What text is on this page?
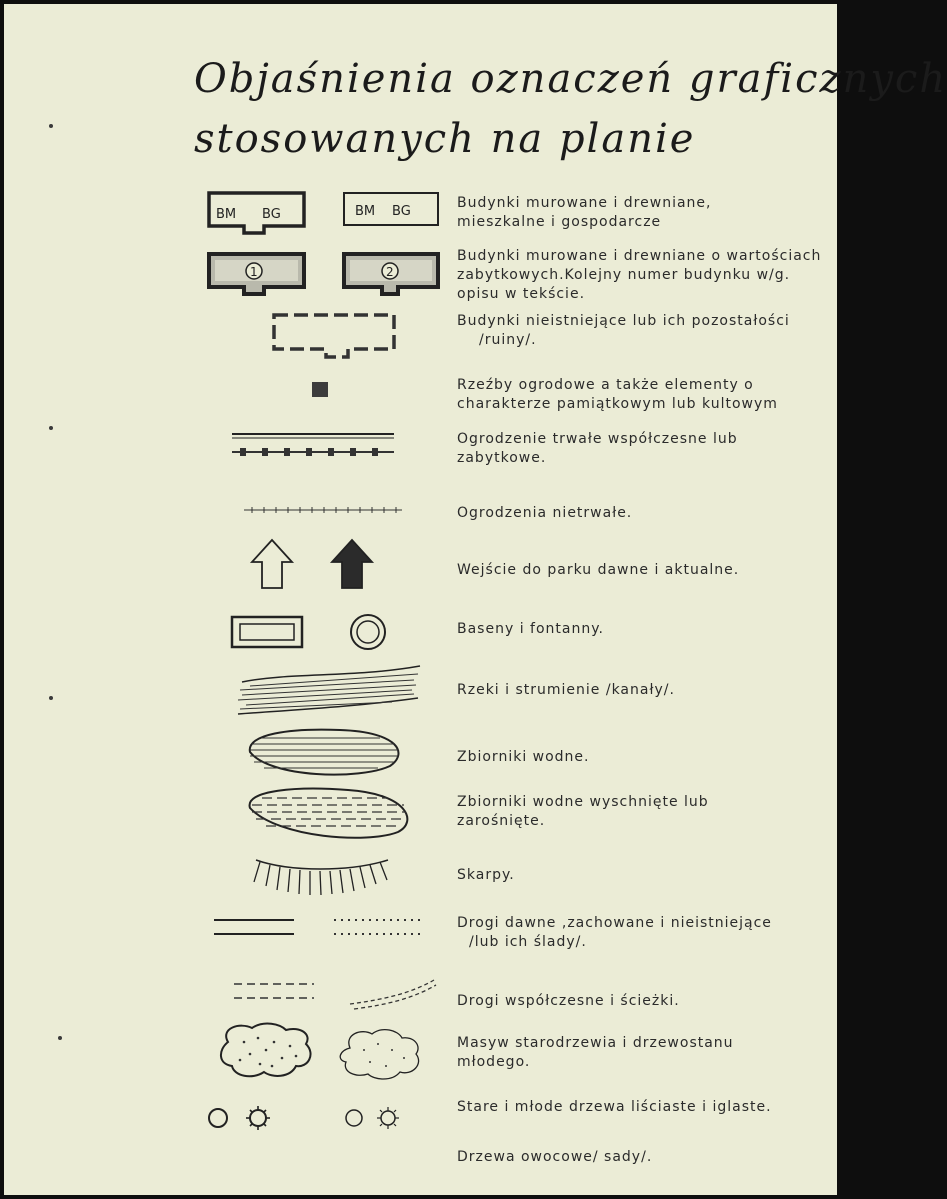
Objaśnienia oznaczeń graficznych
stosowanych na planie
BM BG	BM BG
Budynki murowane i drewniane,
mieszkalne i gospodarcze
1	2
Budynki murowane i drewniane o wartościach
zabytkowych.Kolejny numer budynku w/g.
opisu w tekście.
Budynki nieistniejące lub ich pozostałości
/ruiny/.
Rzeźby ogrodowe a także elementy o
charakterze pamiątkowym lub kultowym
Ogrodzenie trwałe współczesne lub
zabytkowe.
Ogrodzenia nietrwałe.
Wejście do parku dawne i aktualne.
Baseny i fontanny.
Rzeki i strumienie /kanały/.
Zbiorniki wodne.
Zbiorniki wodne wyschnięte lub
zarośnięte.
Skarpy.
Drogi dawne ,zachowane i nieistniejące
/lub ich ślady/.
Drogi współczesne i ścieżki.
Masyw starodrzewia i drzewostanu
młodego.
Stare i młode drzewa liściaste i iglaste.
Drzewa owocowe/ sady/.
